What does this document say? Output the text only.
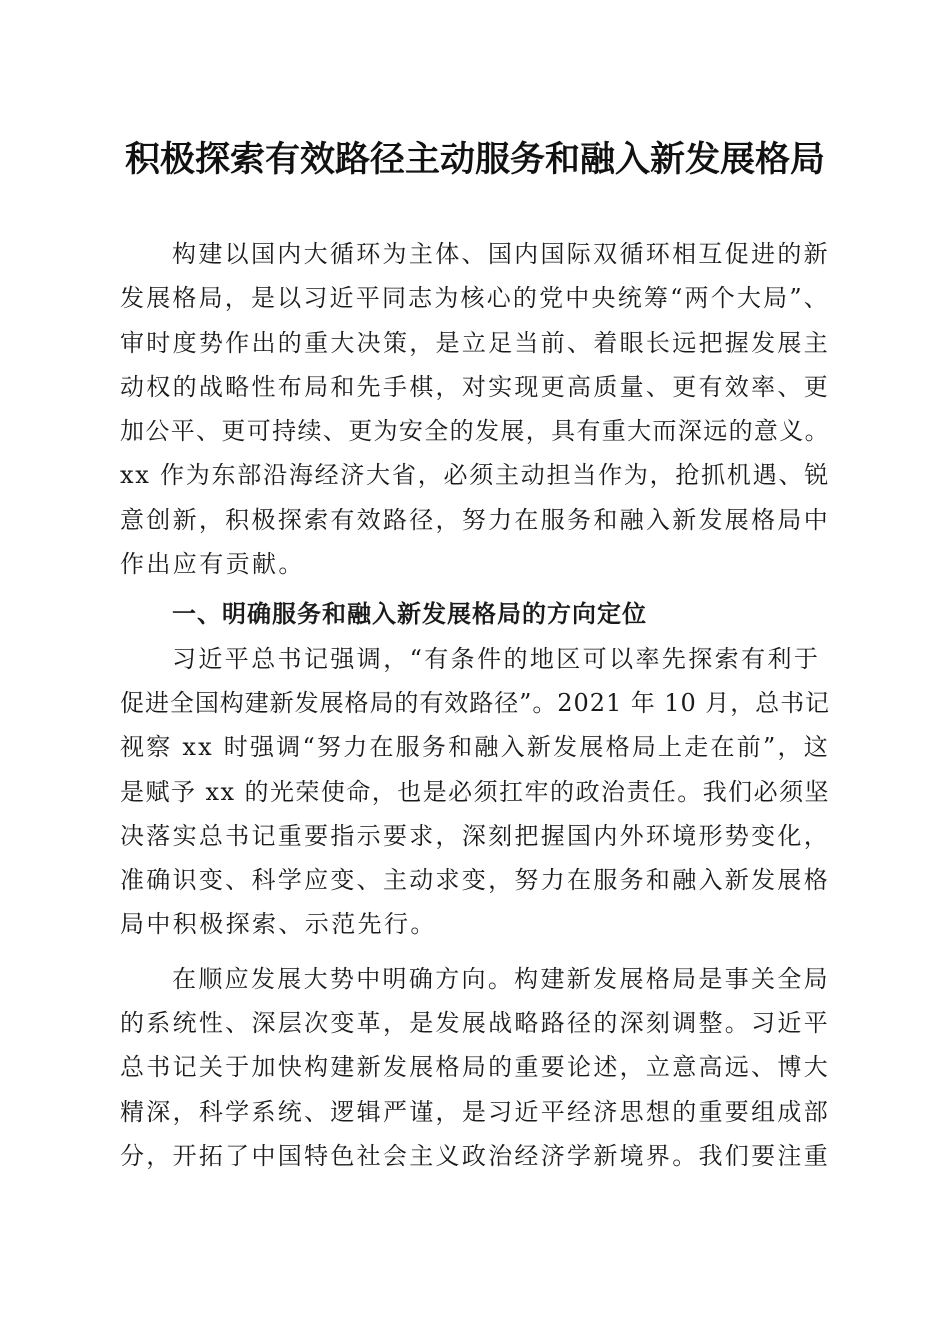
积极探索有效路径主动服务和融入新发展格局
构建以国内大循环为主体、国内国际双循环相互促进的新
发展格局，是以习近平同志为核心的党中央统筹“两个大局”、
审时度势作出的重大决策，是立足当前、着眼长远把握发展主
动权的战略性布局和先手棋，对实现更高质量、更有效率、更
加公平、更可持续、更为安全的发展，具有重大而深远的意义。
xx 作为东部沿海经济大省，必须主动担当作为，抢抓机遇、锐
意创新，积极探索有效路径，努力在服务和融入新发展格局中
作出应有贡献。
一、明确服务和融入新发展格局的方向定位
习近平总书记强调，“有条件的地区可以率先探索有利于
促进全国构建新发展格局的有效路径”。2021 年 10 月，总书记
视察 xx 时强调“努力在服务和融入新发展格局上走在前”，这
是赋予 xx 的光荣使命，也是必须扛牢的政治责任。我们必须坚
决落实总书记重要指示要求，深刻把握国内外环境形势变化，
准确识变、科学应变、主动求变，努力在服务和融入新发展格
局中积极探索、示范先行。
在顺应发展大势中明确方向。构建新发展格局是事关全局
的系统性、深层次变革，是发展战略路径的深刻调整。习近平
总书记关于加快构建新发展格局的重要论述，立意高远、博大
精深，科学系统、逻辑严谨，是习近平经济思想的重要组成部
分，开拓了中国特色社会主义政治经济学新境界。我们要注重
